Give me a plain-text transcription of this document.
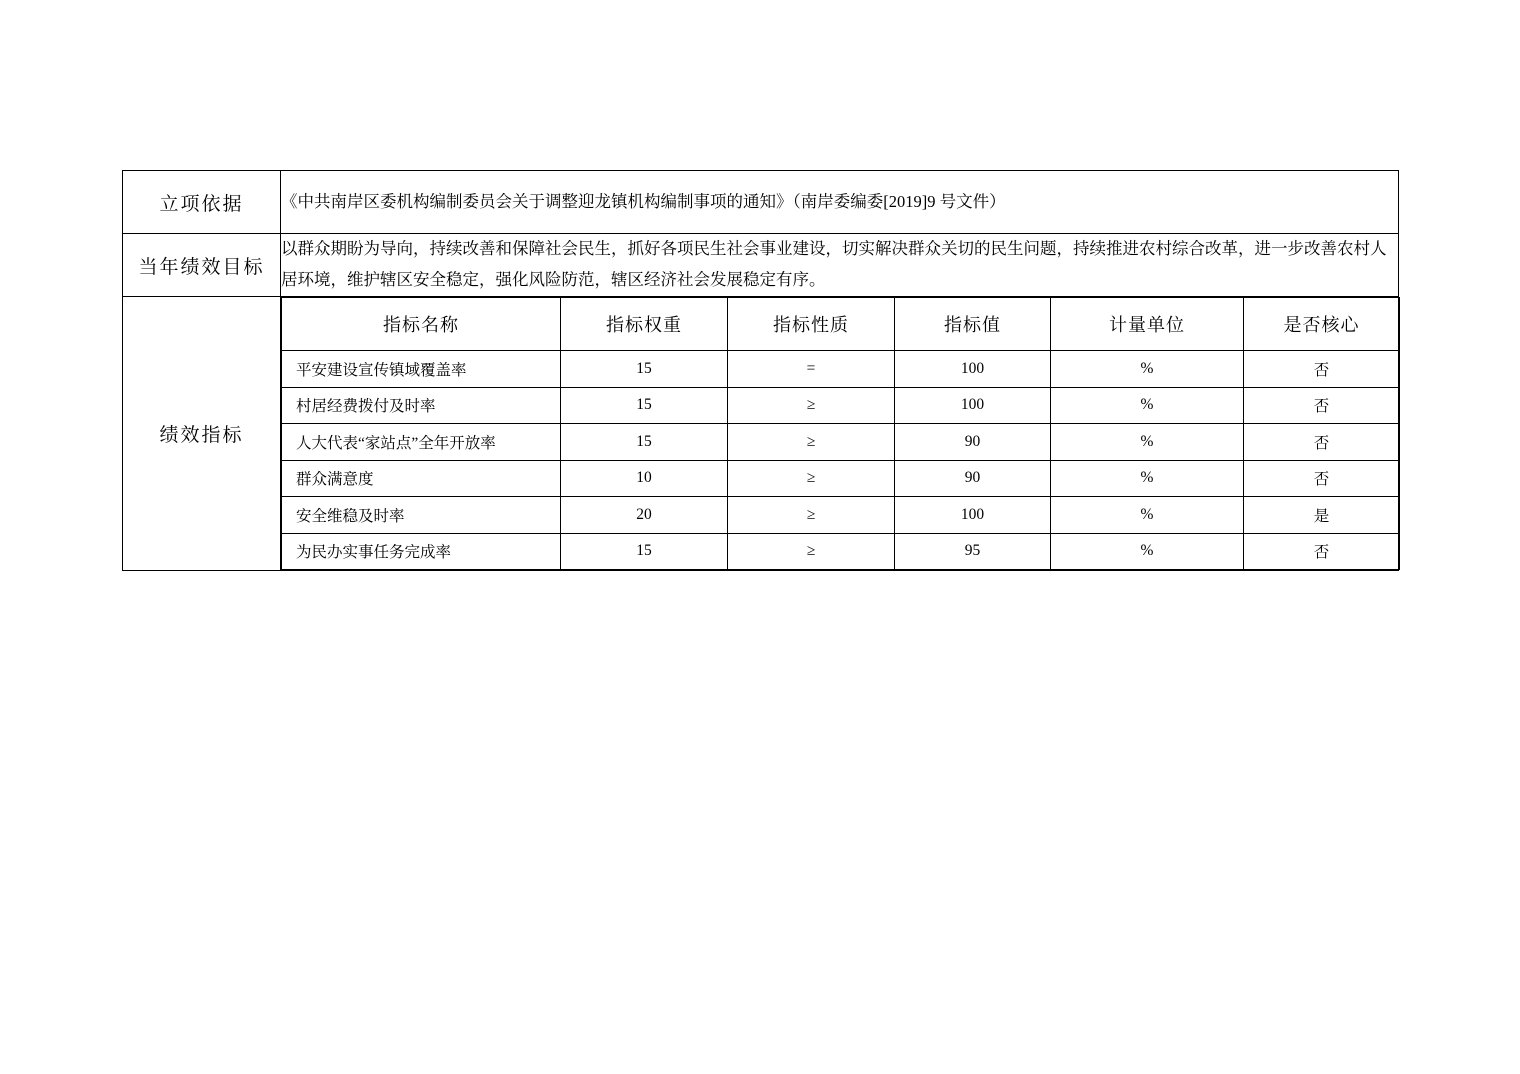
立项依据	《中共南岸区委机构编制委员会关于调整迎龙镇机构编制事项的通知》（南岸委编委[2019]9 号文件）
当年绩效目标	以群众期盼为导向，持续改善和保障社会民生，抓好各项民生社会事业建设，切实解决群众关切的民生问题，持续推进农村综合改革，进一步改善农村人居环境，维护辖区安全稳定，强化风险防范，辖区经济社会发展稳定有序。
绩效指标	
指标名称	指标权重	指标性质	指标值	计量单位	是否核心
平安建设宣传镇域覆盖率	15	=	100	%	否
村居经费拨付及时率	15	≥	100	%	否
人大代表“家站点”全年开放率	15	≥	90	%	否
群众满意度	10	≥	90	%	否
安全维稳及时率	20	≥	100	%	是
为民办实事任务完成率	15	≥	95	%	否
